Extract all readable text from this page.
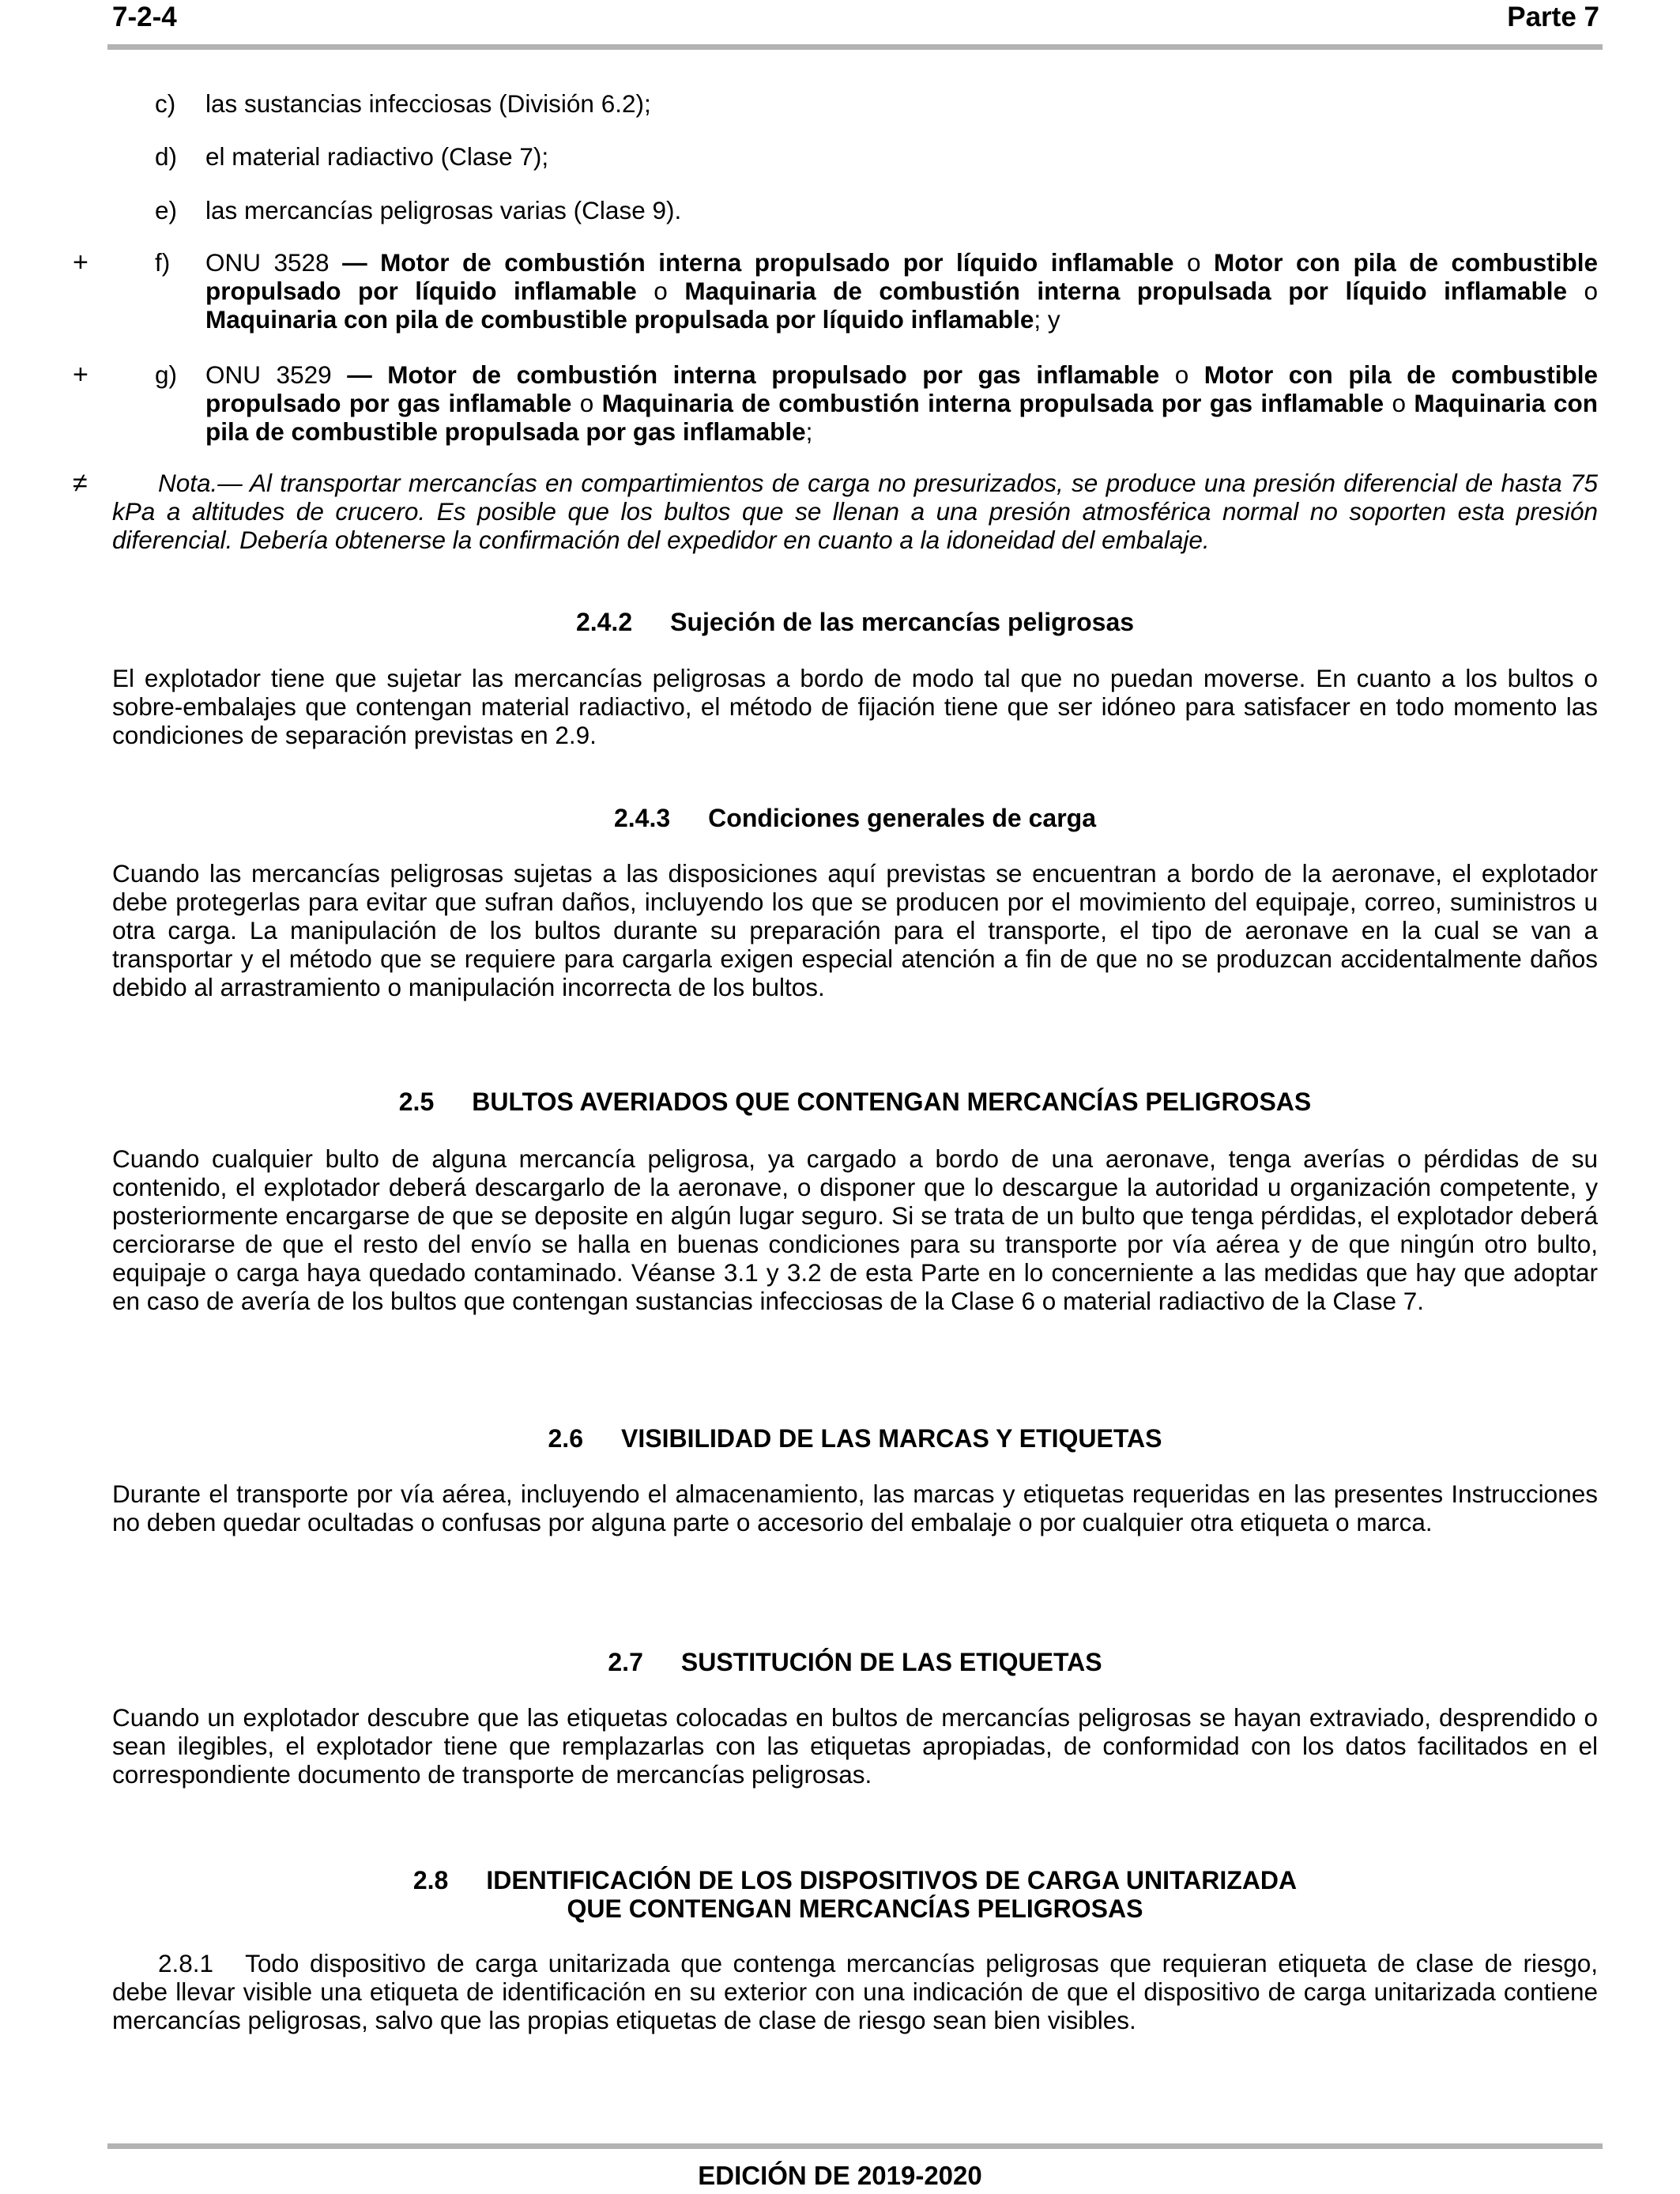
7-2-4	Parte 7
c) las sustancias infecciosas (División 6.2);
d) el material radiactivo (Clase 7);
e) las mercancías peligrosas varias (Clase 9).
+	f) ONU 3528 — Motor de combustión interna propulsado por líquido inflamable o Motor con pila de combustible propulsado por líquido inflamable o Maquinaria de combustión interna propulsada por líquido inflamable o Maquinaria con pila de combustible propulsada por líquido inflamable; y
+	g) ONU 3529 — Motor de combustión interna propulsado por gas inflamable o Motor con pila de combustible propulsado por gas inflamable o Maquinaria de combustión interna propulsada por gas inflamable o Maquinaria con pila de combustible propulsada por gas inflamable;
≠	Nota.— Al transportar mercancías en compartimientos de carga no presurizados, se produce una presión diferencial de hasta 75 kPa a altitudes de crucero. Es posible que los bultos que se llenan a una presión atmosférica normal no soporten esta presión diferencial. Debería obtenerse la confirmación del expedidor en cuanto a la idoneidad del embalaje.
2.4.2 Sujeción de las mercancías peligrosas

El explotador tiene que sujetar las mercancías peligrosas a bordo de modo tal que no puedan moverse. En cuanto a los bultos o sobre-embalajes que contengan material radiactivo, el método de fijación tiene que ser idóneo para satisfacer en todo momento las condiciones de separación previstas en 2.9.

2.4.3 Condiciones generales de carga

Cuando las mercancías peligrosas sujetas a las disposiciones aquí previstas se encuentran a bordo de la aeronave, el explotador debe protegerlas para evitar que sufran daños, incluyendo los que se producen por el movimiento del equipaje, correo, suministros u otra carga. La manipulación de los bultos durante su preparación para el transporte, el tipo de aeronave en la cual se van a transportar y el método que se requiere para cargarla exigen especial atención a fin de que no se produzcan accidentalmente daños debido al arrastramiento o manipulación incorrecta de los bultos.

2.5 BULTOS AVERIADOS QUE CONTENGAN MERCANCÍAS PELIGROSAS

Cuando cualquier bulto de alguna mercancía peligrosa, ya cargado a bordo de una aeronave, tenga averías o pérdidas de su contenido, el explotador deberá descargarlo de la aeronave, o disponer que lo descargue la autoridad u organización competente, y posteriormente encargarse de que se deposite en algún lugar seguro. Si se trata de un bulto que tenga pérdidas, el explotador deberá cerciorarse de que el resto del envío se halla en buenas condiciones para su transporte por vía aérea y de que ningún otro bulto, equipaje o carga haya quedado contaminado. Véanse 3.1 y 3.2 de esta Parte en lo concerniente a las medidas que hay que adoptar en caso de avería de los bultos que contengan sustancias infecciosas de la Clase 6 o material radiactivo de la Clase 7.

2.6 VISIBILIDAD DE LAS MARCAS Y ETIQUETAS

Durante el transporte por vía aérea, incluyendo el almacenamiento, las marcas y etiquetas requeridas en las presentes Instrucciones no deben quedar ocultadas o confusas por alguna parte o accesorio del embalaje o por cualquier otra etiqueta o marca.

2.7 SUSTITUCIÓN DE LAS ETIQUETAS

Cuando un explotador descubre que las etiquetas colocadas en bultos de mercancías peligrosas se hayan extraviado, desprendido o sean ilegibles, el explotador tiene que remplazarlas con las etiquetas apropiadas, de conformidad con los datos facilitados en el correspondiente documento de transporte de mercancías peligrosas.

2.8 IDENTIFICACIÓN DE LOS DISPOSITIVOS DE CARGA UNITARIZADA
QUE CONTENGAN MERCANCÍAS PELIGROSAS

2.8.1 Todo dispositivo de carga unitarizada que contenga mercancías peligrosas que requieran etiqueta de clase de riesgo, debe llevar visible una etiqueta de identificación en su exterior con una indicación de que el dispositivo de carga unitarizada contiene mercancías peligrosas, salvo que las propias etiquetas de clase de riesgo sean bien visibles.

EDICIÓN DE 2019-2020
